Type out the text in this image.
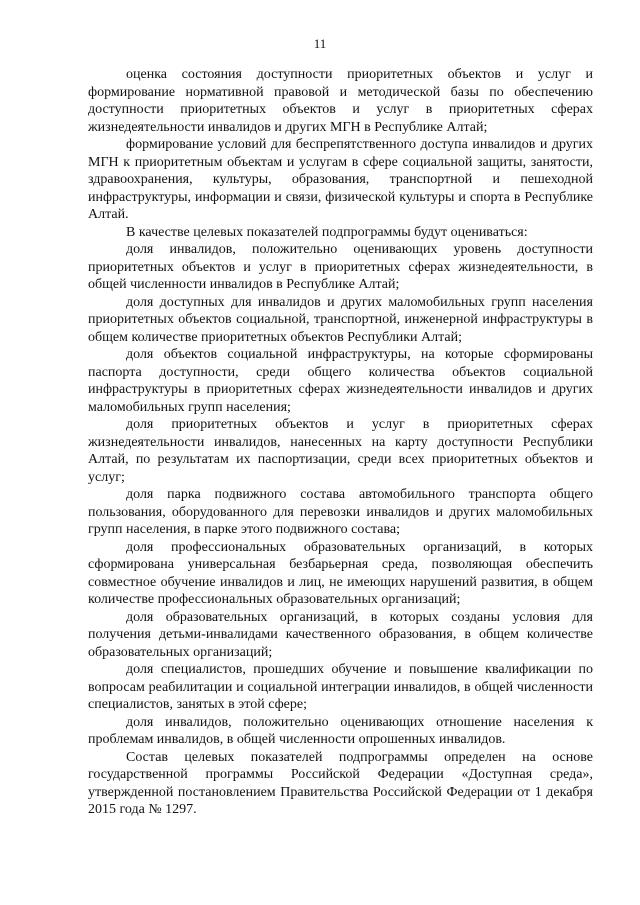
11

оценка состояния доступности приоритетных объектов и услуг и формирование нормативной правовой и методической базы по обеспечению доступности приоритетных объектов и услуг в приоритетных сферах жизнедеятельности инвалидов и других МГН в Республике Алтай;

формирование условий для беспрепятственного доступа инвалидов и других МГН к приоритетным объектам и услугам в сфере социальной защиты, занятости, здравоохранения, культуры, образования, транспортной и пешеходной инфраструктуры, информации и связи, физической культуры и спорта в Республике Алтай.

В качестве целевых показателей подпрограммы будут оцениваться:

доля инвалидов, положительно оценивающих уровень доступности приоритетных объектов и услуг в приоритетных сферах жизнедеятельности, в общей численности инвалидов в Республике Алтай;

доля доступных для инвалидов и других маломобильных групп населения приоритетных объектов социальной, транспортной, инженерной инфраструктуры в общем количестве приоритетных объектов Республики Алтай;

доля объектов социальной инфраструктуры, на которые сформированы паспорта доступности, среди общего количества объектов социальной инфраструктуры в приоритетных сферах жизнедеятельности инвалидов и других маломобильных групп населения;

доля приоритетных объектов и услуг в приоритетных сферах жизнедеятельности инвалидов, нанесенных на карту доступности Республики Алтай, по результатам их паспортизации, среди всех приоритетных объектов и услуг;

доля парка подвижного состава автомобильного транспорта общего пользования, оборудованного для перевозки инвалидов и других маломобильных групп населения, в парке этого подвижного состава;

доля профессиональных образовательных организаций, в которых сформирована универсальная безбарьерная среда, позволяющая обеспечить совместное обучение инвалидов и лиц, не имеющих нарушений развития, в общем количестве профессиональных образовательных организаций;

доля образовательных организаций, в которых созданы условия для получения детьми-инвалидами качественного образования, в общем количестве образовательных организаций;

доля специалистов, прошедших обучение и повышение квалификации по вопросам реабилитации и социальной интеграции инвалидов, в общей численности специалистов, занятых в этой сфере;

доля инвалидов, положительно оценивающих отношение населения к проблемам инвалидов, в общей численности опрошенных инвалидов.

Состав целевых показателей подпрограммы определен на основе государственной программы Российской Федерации «Доступная среда», утвержденной постановлением Правительства Российской Федерации от 1 декабря 2015 года № 1297.
